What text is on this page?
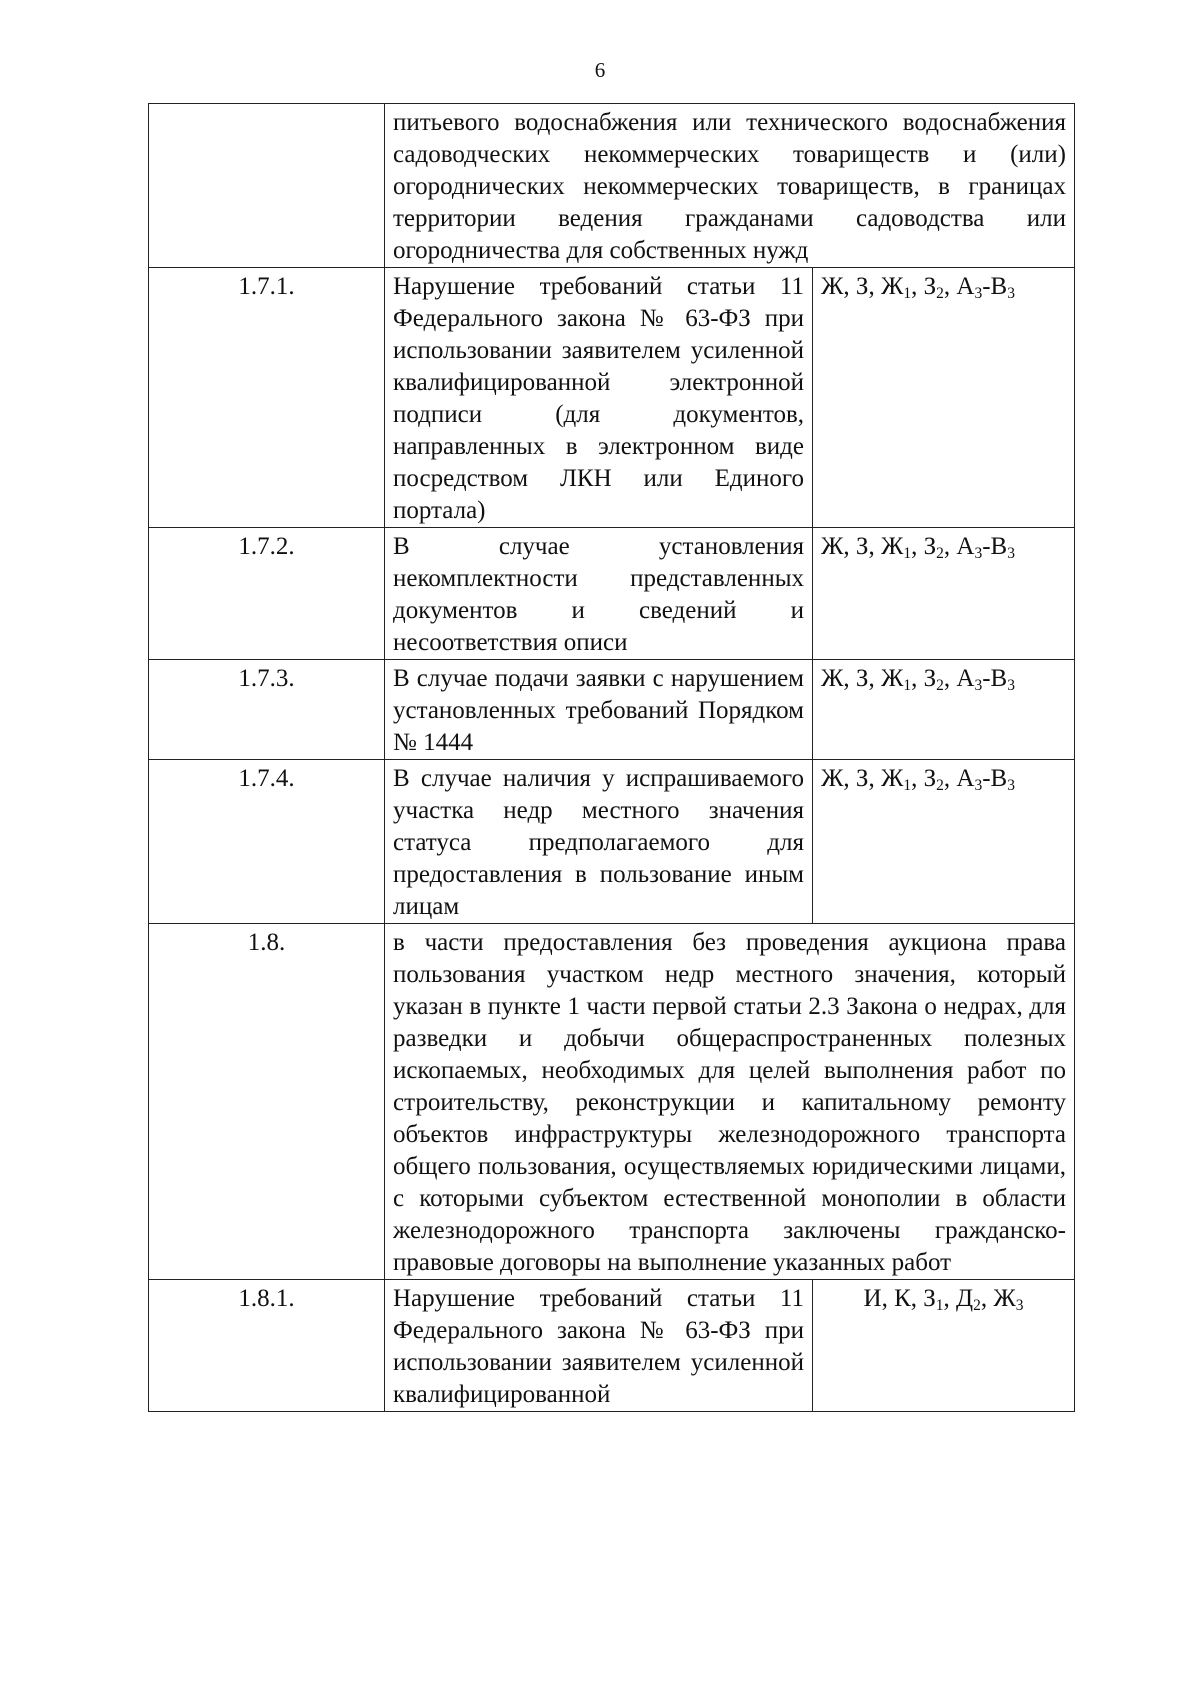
6
	питьевого водоснабжения или технического водоснабжения садоводческих некоммерческих товариществ и (или) огороднических некоммерческих товариществ, в границах территории ведения гражданами садоводства или огородничества для собственных нужд	
1.7.1.	Нарушение требований статьи 11 Федерального закона № 63-ФЗ при использовании заявителем усиленной квалифицированной электронной подписи (для документов, направленных в электронном виде посредством ЛКН или Единого портала)	Ж, З, $Ж_1$, $З_2$, $А_3-В_3$
1.7.2.	В случае установления некомплектности представленных документов и сведений и несоответствия описи	Ж, З, $Ж_1$, $З_2$, $А_3-В_3$
1.7.3.	В случае подачи заявки с нарушением установленных требований Порядком № 1444	Ж, З, $Ж_1$, $З_2$, $А_3-В_3$
1.7.4.	В случае наличия у испрашиваемого участка недр местного значения статуса предполагаемого для предоставления в пользование иным лицам	Ж, З, $Ж_1$, $З_2$, $А_3-В_3$
1.8.	в части предоставления без проведения аукциона права пользования участком недр местного значения, который указан в пункте 1 части первой статьи 2.3 Закона о недрах, для разведки и добычи общераспространенных полезных ископаемых, необходимых для целей выполнения работ по строительству, реконструкции и капитальному ремонту объектов инфраструктуры железнодорожного транспорта общего пользования, осуществляемых юридическими лицами, с которыми субъектом естественной монополии в области железнодорожного транспорта заключены гражданско-правовые договоры на выполнение указанных работ	
1.8.1.	Нарушение требований статьи 11 Федерального закона № 63-ФЗ при использовании заявителем усиленной квалифицированной	И, К, $З_1$, $Д_2$, $Ж_3$
